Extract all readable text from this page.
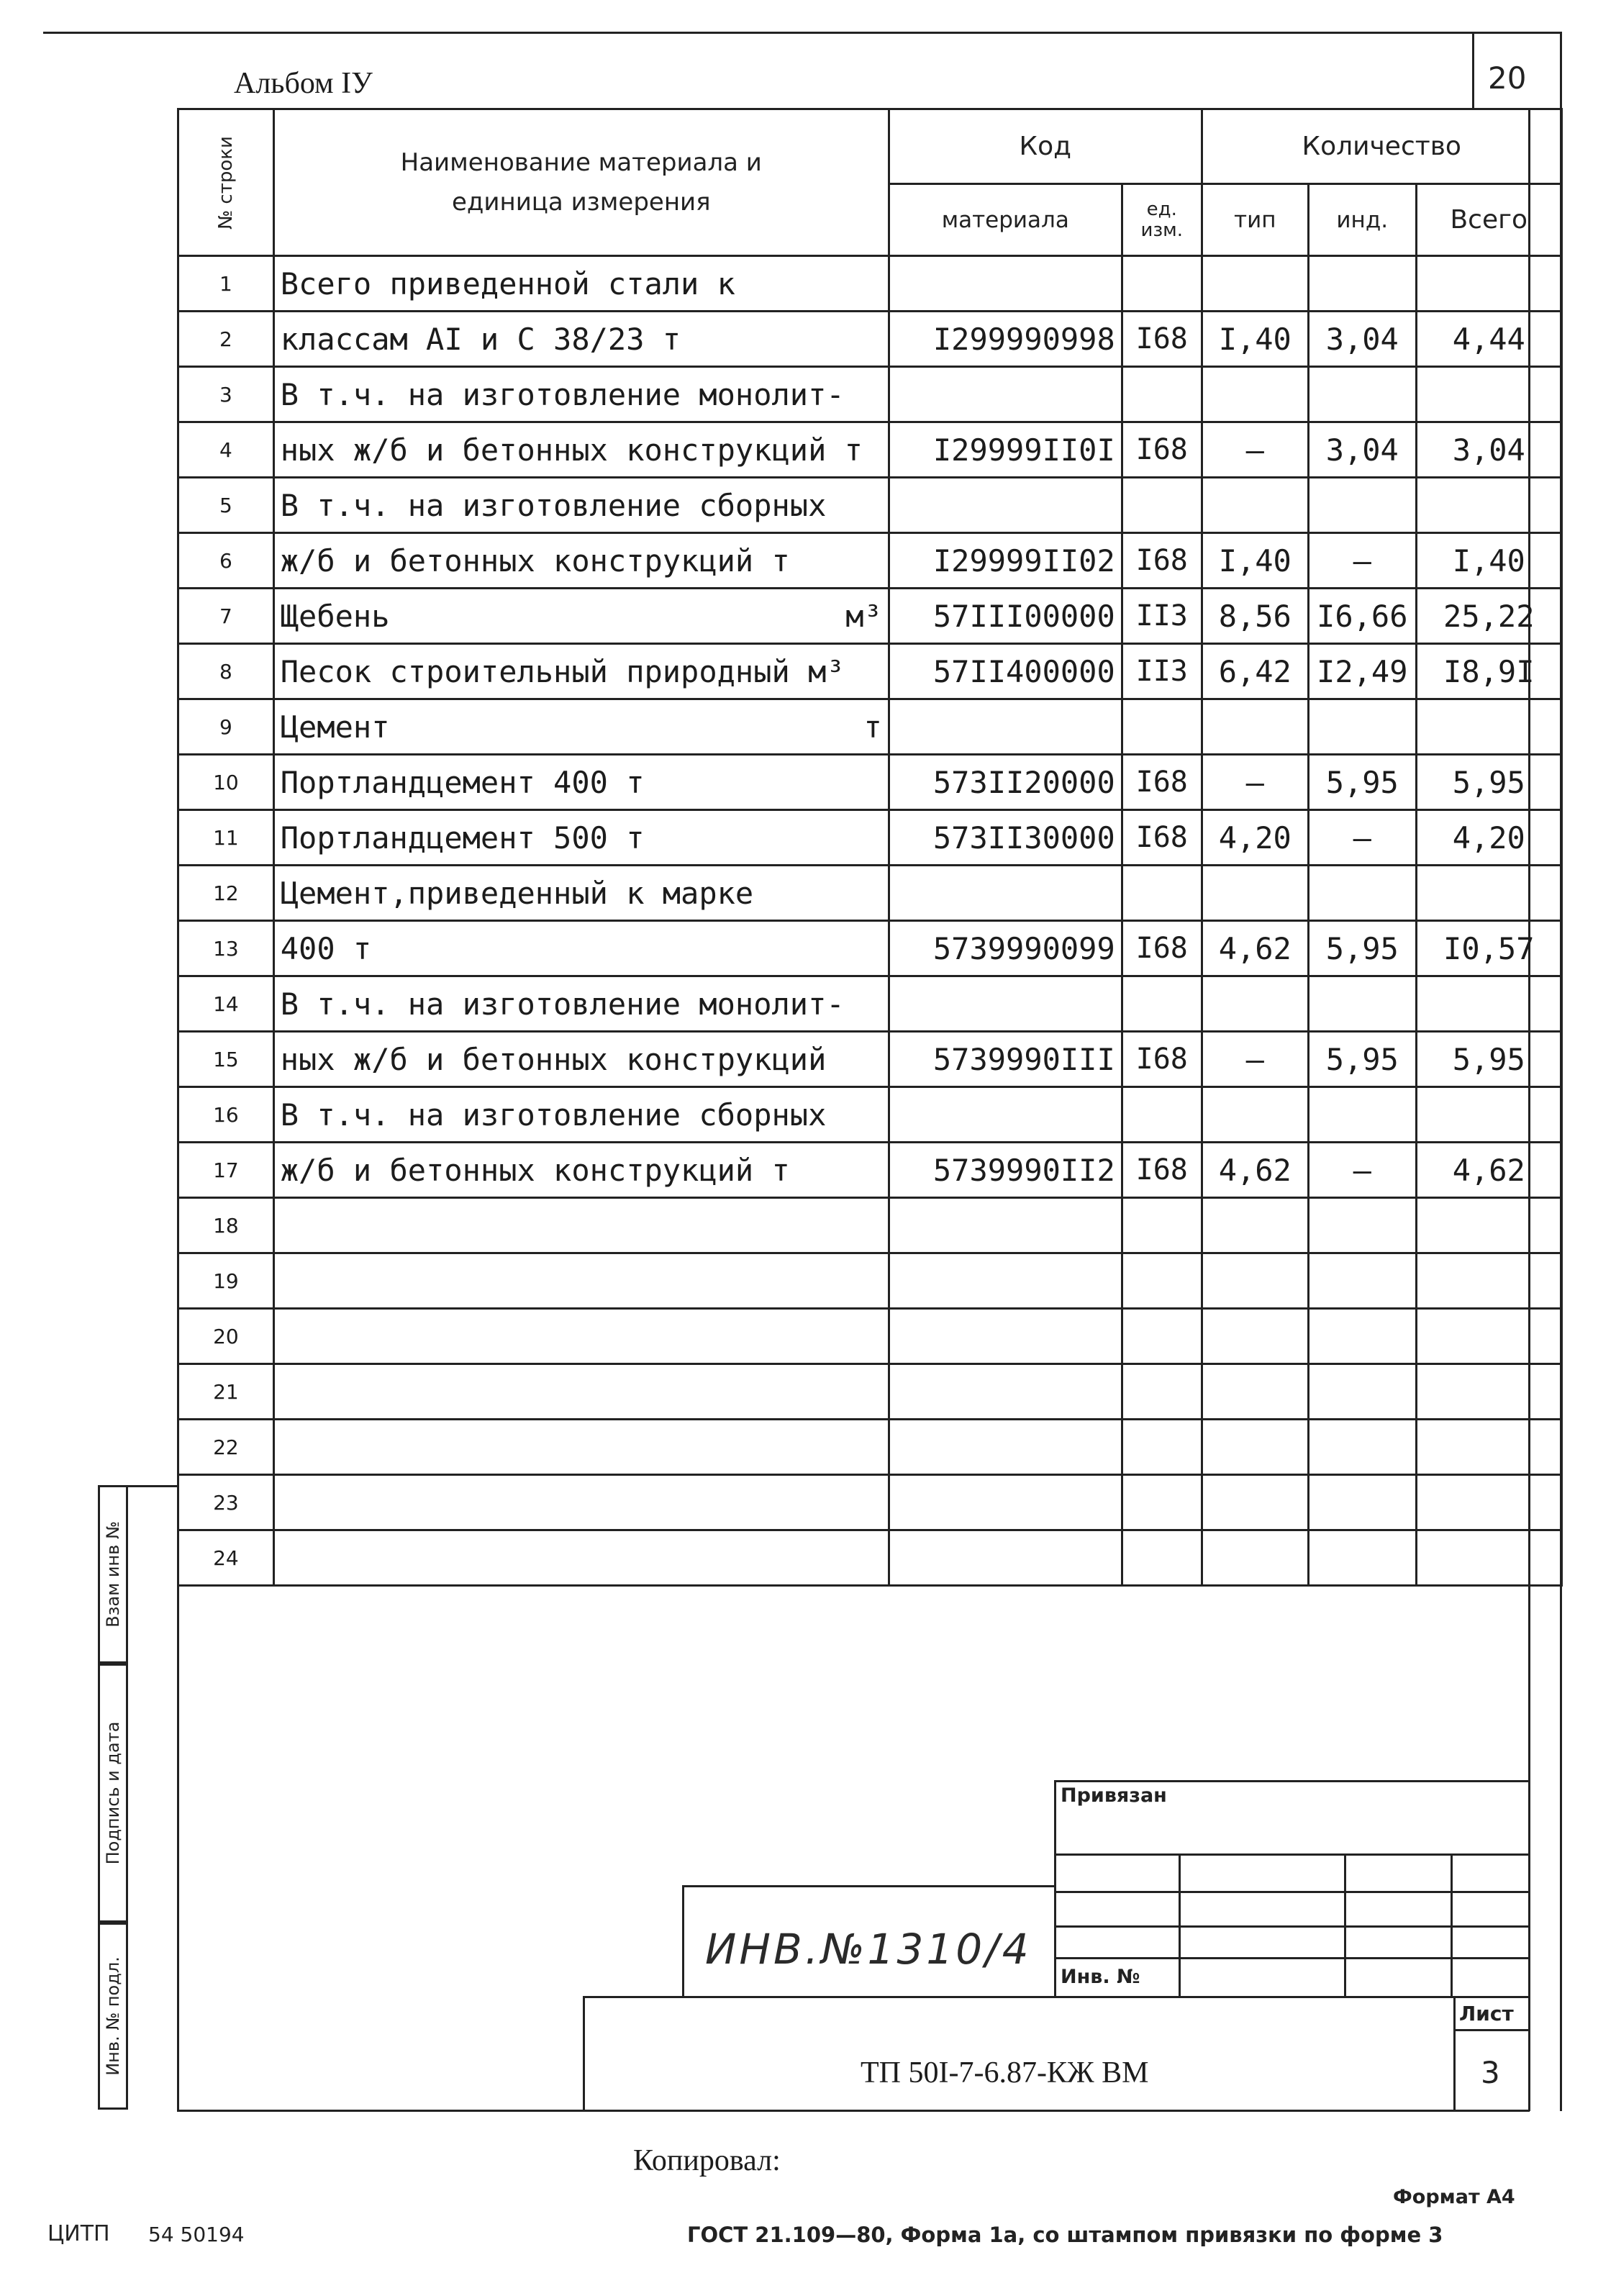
20
Альбом IУ
№ строки	Наименование материала и единица измерения	Код		Количество		
		материала	ед. изм.	тип	инд.	Всего
1	Всего приведенной стали к					
2	классам AI и С 38/23 т	I299990998	I68	I,40	3,04	4,44
3	В т.ч. на изготовление монолит-					
4	ных ж/б и бетонных конструкций т	I29999II0I	I68	–	3,04	3,04
5	В т.ч. на изготовление сборных					
6	ж/б и бетонных конструкций т	I29999II02	I68	I,40	–	I,40
7	Щебень м³	57III00000	II3	8,56	I6,66	25,22
8	Песок строительный природный м³	57II400000	II3	6,42	I2,49	I8,9I
9	Цемент т					

10	Портландцемент 400 т	573II20000	I68	–	5,95	5,95
11	Портландцемент 500 т	573II30000	I68	4,20	–	4,20
12	Цемент,приведенный к марке					
13	400 т	5739990099	I68	4,62	5,95	I0,57
14	В т.ч. на изготовление монолит-					
15	ных ж/б и бетонных конструкций	5739990III	I68	–	5,95	5,95
16	В т.ч. на изготовление сборных					
17	ж/б и бетонных конструкций т	5739990II2	I68	4,62	–	4,62
18						
19						
20						
21						
22						
23						
24						
Взам инв №
Подпись и дата
Инв. № подл.
Привязан
Инв. №
ИНВ.№1310/4
ТП 50I-7-6.87-КЖ ВМ
Лист
3
Копировал:
Формат А4
ЦИТП 54 50194	ГОСТ 21.109—80, Форма 1а, со штампом привязки по форме 3
